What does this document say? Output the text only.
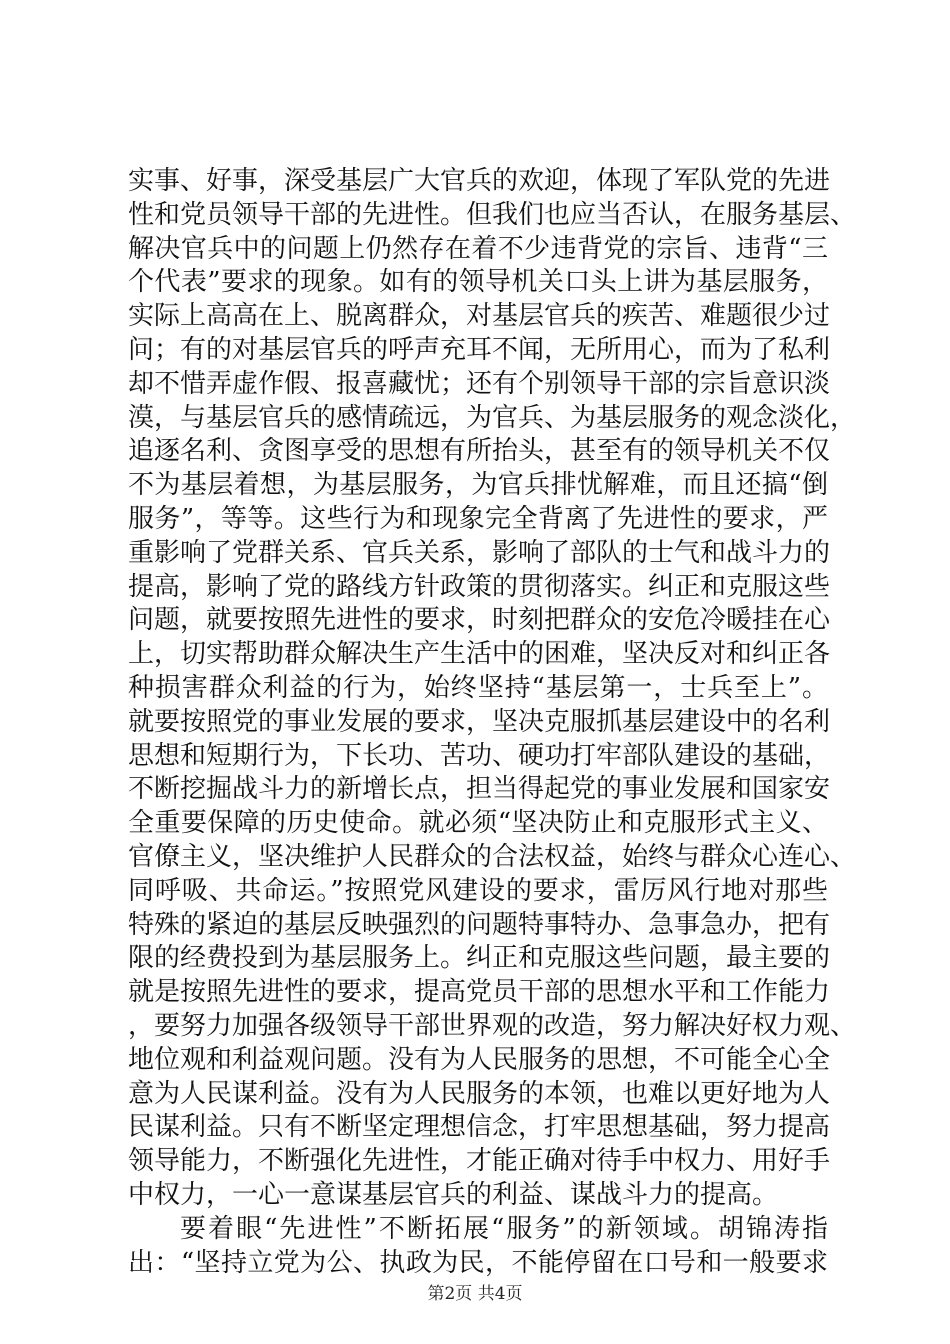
实事、好事，深受基层广大官兵的欢迎，体现了军队党的先进
性和党员领导干部的先进性。但我们也应当否认，在服务基层、
解决官兵中的问题上仍然存在着不少违背党的宗旨、违背“三
个代表”要求的现象。如有的领导机关口头上讲为基层服务，
实际上高高在上、脱离群众，对基层官兵的疾苦、难题很少过
问；有的对基层官兵的呼声充耳不闻，无所用心，而为了私利
却不惜弄虚作假、报喜藏忧；还有个别领导干部的宗旨意识淡
漠，与基层官兵的感情疏远，为官兵、为基层服务的观念淡化，
追逐名利、贪图享受的思想有所抬头，甚至有的领导机关不仅
不为基层着想，为基层服务，为官兵排忧解难，而且还搞“倒
服务”，等等。这些行为和现象完全背离了先进性的要求，严
重影响了党群关系、官兵关系，影响了部队的士气和战斗力的
提高，影响了党的路线方针政策的贯彻落实。纠正和克服这些
问题，就要按照先进性的要求，时刻把群众的安危冷暖挂在心
上，切实帮助群众解决生产生活中的困难，坚决反对和纠正各
种损害群众利益的行为，始终坚持“基层第一，士兵至上”。
就要按照党的事业发展的要求，坚决克服抓基层建设中的名利
思想和短期行为，下长功、苦功、硬功打牢部队建设的基础，
不断挖掘战斗力的新增长点，担当得起党的事业发展和国家安
全重要保障的历史使命。就必须“坚决防止和克服形式主义、
官僚主义，坚决维护人民群众的合法权益，始终与群众心连心、
同呼吸、共命运。”按照党风建设的要求，雷厉风行地对那些
特殊的紧迫的基层反映强烈的问题特事特办、急事急办，把有
限的经费投到为基层服务上。纠正和克服这些问题，最主要的
就是按照先进性的要求，提高党员干部的思想水平和工作能力
，要努力加强各级领导干部世界观的改造，努力解决好权力观、
地位观和利益观问题。没有为人民服务的思想，不可能全心全
意为人民谋利益。没有为人民服务的本领，也难以更好地为人
民谋利益。只有不断坚定理想信念，打牢思想基础，努力提高
领导能力，不断强化先进性，才能正确对待手中权力、用好手
中权力，一心一意谋基层官兵的利益、谋战斗力的提高。
要着眼“先进性”不断拓展“服务”的新领域。胡锦涛指
出：“坚持立党为公、执政为民，不能停留在口号和一般要求
第2页 共4页
